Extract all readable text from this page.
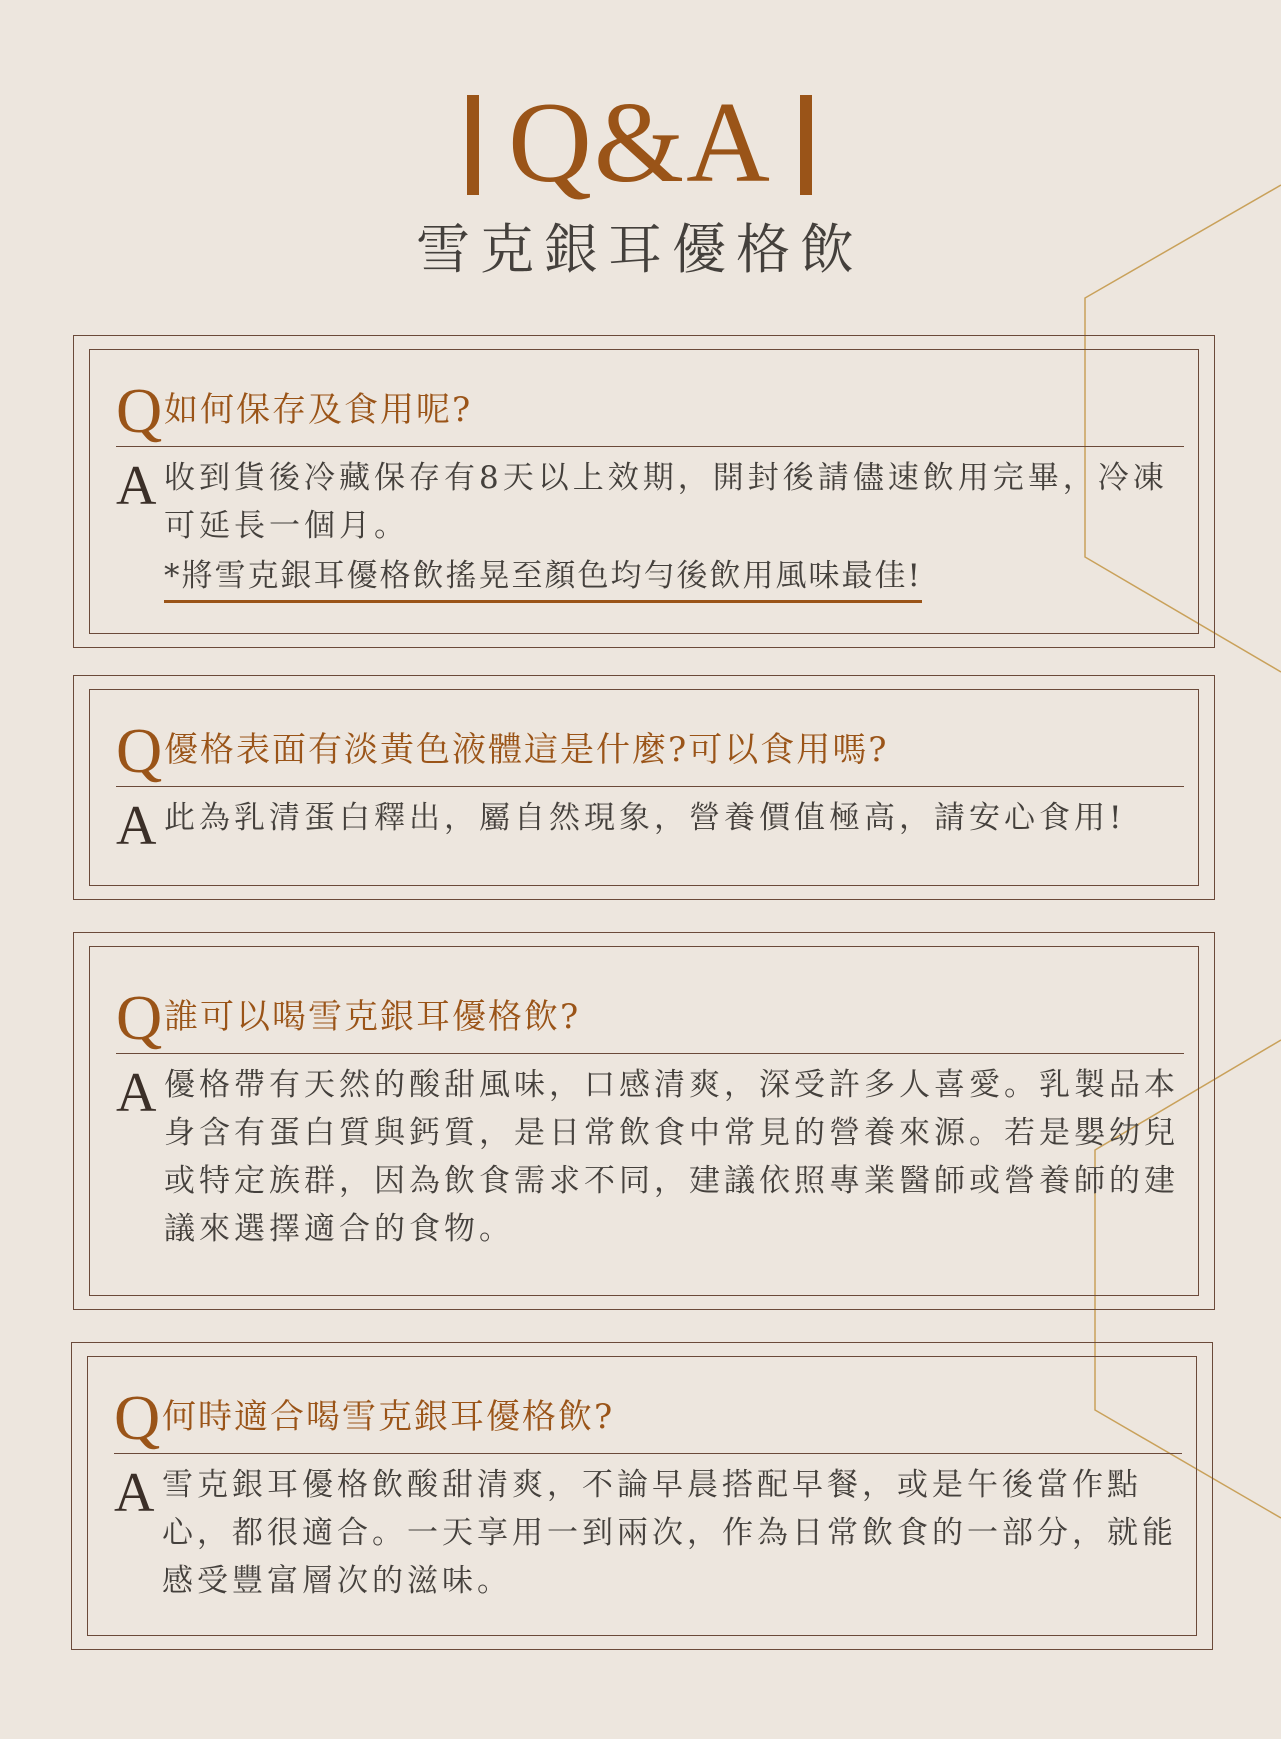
Q&A
雪克銀耳優格飲
Q 如何保存及食用呢?
A 收到貨後冷藏保存有8天以上效期，開封後請儘速飲用完畢，冷凍可延長一個月。

*將雪克銀耳優格飲搖晃至顏色均勻後飲用風味最佳!
Q 優格表面有淡黃色液體這是什麼?可以食用嗎?
A 此為乳清蛋白釋出，屬自然現象，營養價值極高，請安心食用!

Q 誰可以喝雪克銀耳優格飲?
A 優格帶有天然的酸甜風味，口感清爽，深受許多人喜愛。乳製品本身含有蛋白質與鈣質，是日常飲食中常見的營養來源。若是嬰幼兒或特定族群，因為飲食需求不同，建議依照專業醫師或營養師的建議來選擇適合的食物。

Q 何時適合喝雪克銀耳優格飲?
A 雪克銀耳優格飲酸甜清爽，不論早晨搭配早餐，或是午後當作點心，都很適合。一天享用一到兩次，作為日常飲食的一部分，就能感受豐富層次的滋味。
